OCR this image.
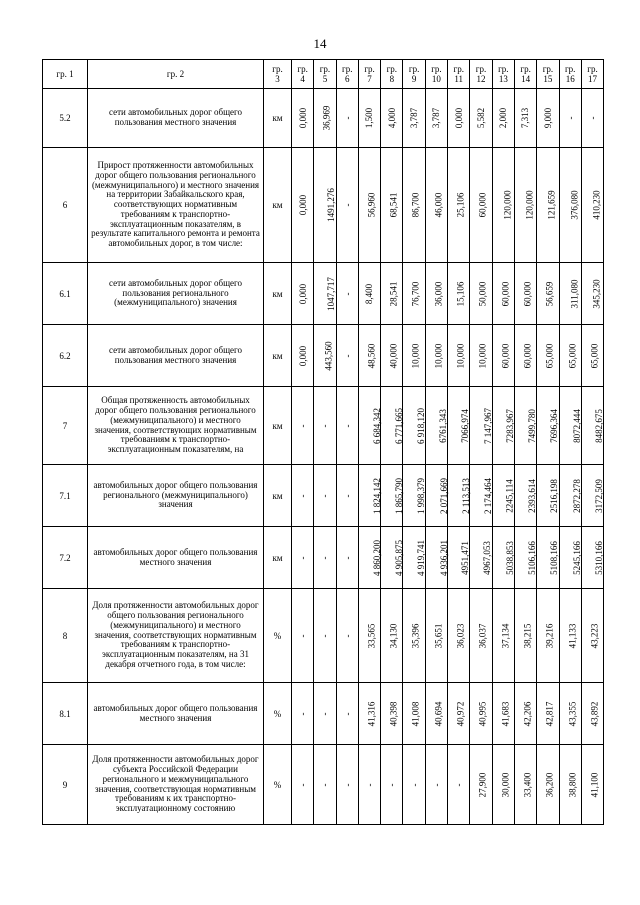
14
гр. 1	гр. 2	гр. 3	гр. 4	гр. 5	гр. 6	гр. 7	гр. 8	гр. 9	гр. 10	гр. 11	гр. 12	гр. 13	гр. 14	гр. 15	гр. 16	гр. 17
5.2	сети автомобильных дорог общего пользования местного значения	км	0,000	36,969	-	1,500	4,000	3,787	3,787	0,000	5,582	2,000	7,313	9,000	-	-
6	Прирост протяженности автомобильных дорог общего пользования регионального (межмуниципального) и местного значения на территории Забайкальского края, соответствующих нормативным требованиям к транспортно-эксплуатационным показателям, в результате капитального ремонта и ремонта автомобильных дорог, в том числе:	км	0,000	1491,276	-	56,960	68,541	86,700	46,000	25,106	60,000	120,000	120,000	121,659	376,080	410,230
6.1	сети автомобильных дорог общего пользования регионального (межмуниципального) значения	км	0,000	1047,717	-	8,400	28,541	76,700	36,000	15,106	50,000	60,000	60,000	56,659	311,080	345,230
6.2	сети автомобильных дорог общего пользования местного значения	км	0,000	443,560	-	48,560	40,000	10,000	10,000	10,000	10,000	60,000	60,000	65,000	65,000	65,000
7	Общая протяженность автомобильных дорог общего пользования регионального (межмуниципального) и местного значения, соответствующих нормативным требованиям к транспортно-эксплуатационным показателям, на	км	-	-	-	6 684,342	6 771,665	6 918,120	6761,343	7066,974	7 147,967	7283,967	7499,780	7696,364	8072,444	8482,675
7.1	автомобильных дорог общего пользования регионального (межмуниципального) значения	км	-	-	-	1 824,142	1 865,790	1 998,379	2 071,669	2 113,513	2 174,464	2245,114	2393,614	2516,198	2872,278	3172,509
7.2	автомобильных дорог общего пользования местного значения	км	-	-	-	4 860,200	4 905,875	4 919,741	4 936,201	4951,471	4967,053	5038,853	5106,166	5108,166	5245,166	5310,166
8	Доля протяженности автомобильных дорог общего пользования регионального (межмуниципального) и местного значения, соответствующих нормативным требованиям к транспортно-эксплуатационным показателям, на 31 декабря отчетного года, в том числе:	%	-	-	-	33,565	34,130	35,396	35,651	36,023	36,037	37,134	38,215	39,216	41,133	43,223
8.1	автомобильных дорог общего пользования местного значения	%	-	-	-	41,316	40,398	41,008	40,694	40,972	40,995	41,683	42,206	42,817	43,355	43,892
9	Доля протяженности автомобильных дорог субъекта Российской Федерации регионального и межмуниципального значения, соответствующая нормативным требованиям к их транспортно-эксплуатационному состоянию	%	-	-	-	-	-	-	-	-	27,900	30,000	33,400	36,200	38,800	41,100
